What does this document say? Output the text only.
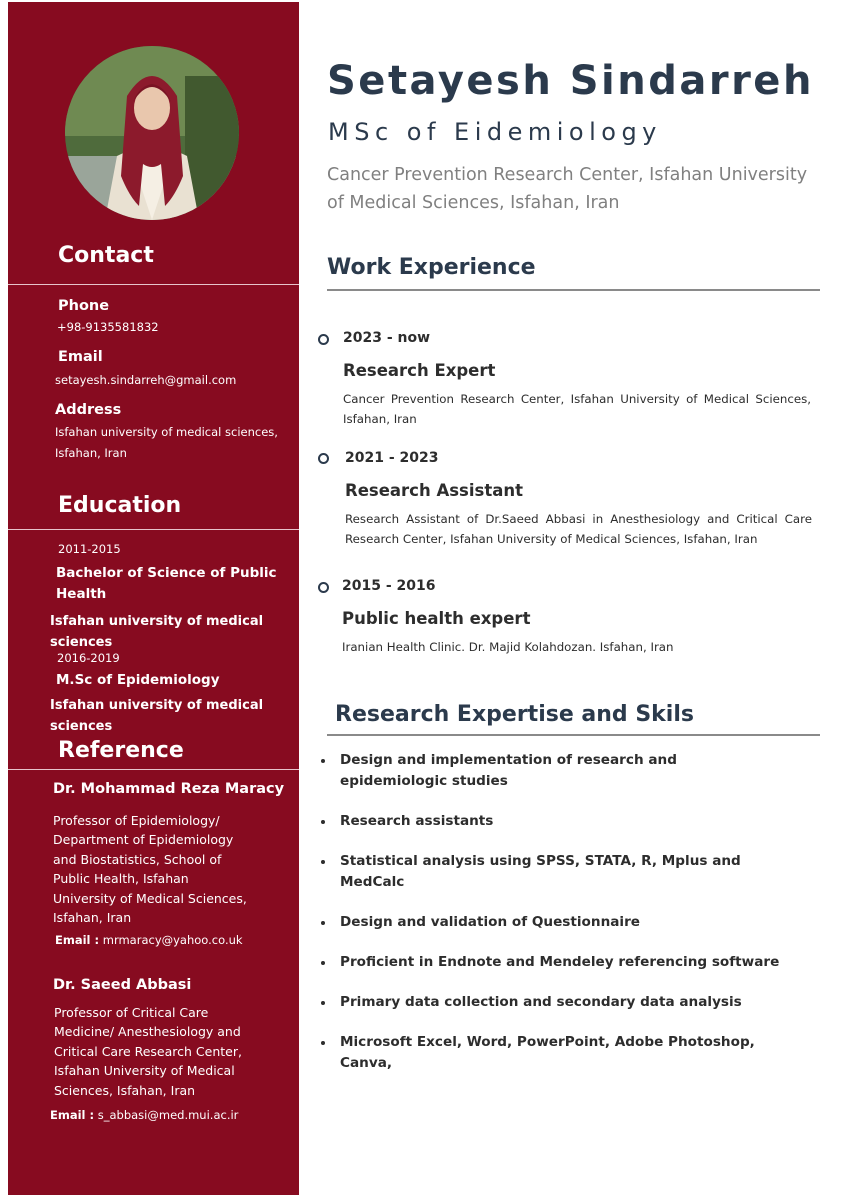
Contact
Phone
+98-9135581832
Email
setayesh.sindarreh@gmail.com
Address
Isfahan university of medical sciences,
Isfahan, Iran
Education
2011-2015
Bachelor of Science of Public
Health
Isfahan university of medical sciences
2016-2019
M.Sc of Epidemiology
Isfahan university of medical sciences
Reference
Dr. Mohammad Reza Maracy
Professor of Epidemiology/
Department of Epidemiology
and Biostatistics, School of
Public Health, Isfahan
University of Medical Sciences,
Isfahan, Iran
Email : mrmaracy@yahoo.co.uk
Dr. Saeed Abbasi
Professor of Critical Care
Medicine/ Anesthesiology and
Critical Care Research Center,
Isfahan University of Medical
Sciences, Isfahan, Iran
Email : s_abbasi@med.mui.ac.ir
Setayesh Sindarreh
MSc of Eidemiology
Cancer Prevention Research Center, Isfahan University of Medical Sciences, Isfahan, Iran
Work Experience
2023 - now
Research Expert
Cancer Prevention Research Center, Isfahan University of Medical Sciences, Isfahan, Iran
2021 - 2023
Research Assistant
Research Assistant of Dr.Saeed Abbasi in Anesthesiology and Critical Care Research Center, Isfahan University of Medical Sciences, Isfahan, Iran
2015 - 2016
Public health expert
Iranian Health Clinic. Dr. Majid Kolahdozan. Isfahan, Iran
Research Expertise and Skils
Design and implementation of research and epidemiologic studies
Research assistants
Statistical analysis using SPSS, STATA, R, Mplus and MedCalc
Design and validation of Questionnaire
Proficient in Endnote and Mendeley referencing software
Primary data collection and secondary data analysis
Microsoft Excel, Word, PowerPoint, Adobe Photoshop, Canva,
